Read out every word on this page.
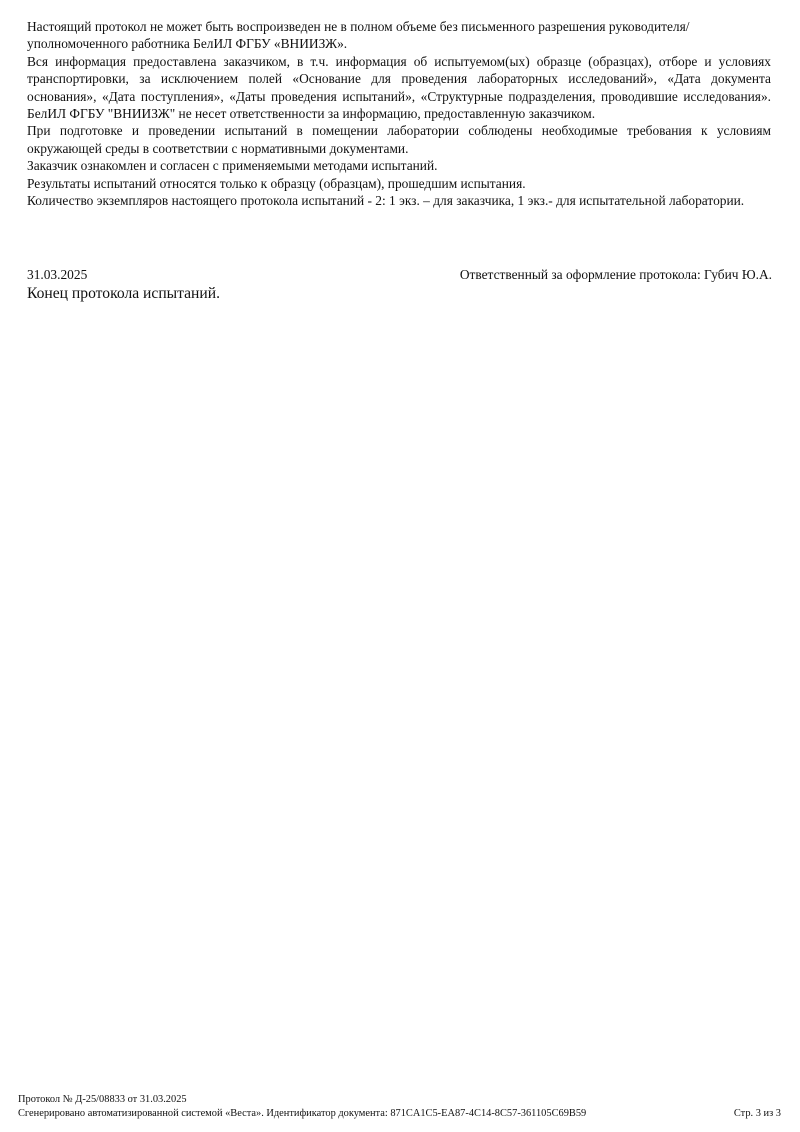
Настоящий протокол не может быть воспроизведен не в полном объеме без письменного разрешения руководителя/уполномоченного работника БелИЛ ФГБУ «ВНИИЗЖ».

Вся информация предоставлена заказчиком, в т.ч. информация об испытуемом(ых) образце (образцах), отборе и условиях транспортировки, за исключением полей «Основание для проведения лабораторных исследований», «Дата документа основания», «Дата поступления», «Даты проведения испытаний», «Структурные подразделения, проводившие исследования». БелИЛ ФГБУ "ВНИИЗЖ" не несет ответственности за информацию, предоставленную заказчиком.

При подготовке и проведении испытаний в помещении лаборатории соблюдены необходимые требования к условиям окружающей среды в соответствии с нормативными документами.

Заказчик ознакомлен и согласен с применяемыми методами испытаний.

Результаты испытаний относятся только к образцу (образцам), прошедшим испытания.

Количество экземпляров настоящего протокола испытаний - 2: 1 экз. – для заказчика, 1 экз.- для испытательной лаборатории.

31.03.2025	Ответственный за оформление протокола: Губич Ю.А.
Конец протокола испытаний.
Протокол № Д-25/08833 от 31.03.2025
Сгенерировано автоматизированной системой «Веста». Идентификатор документа: 871CA1C5-EA87-4C14-8C57-361105C69B59	Стр. 3 из 3
